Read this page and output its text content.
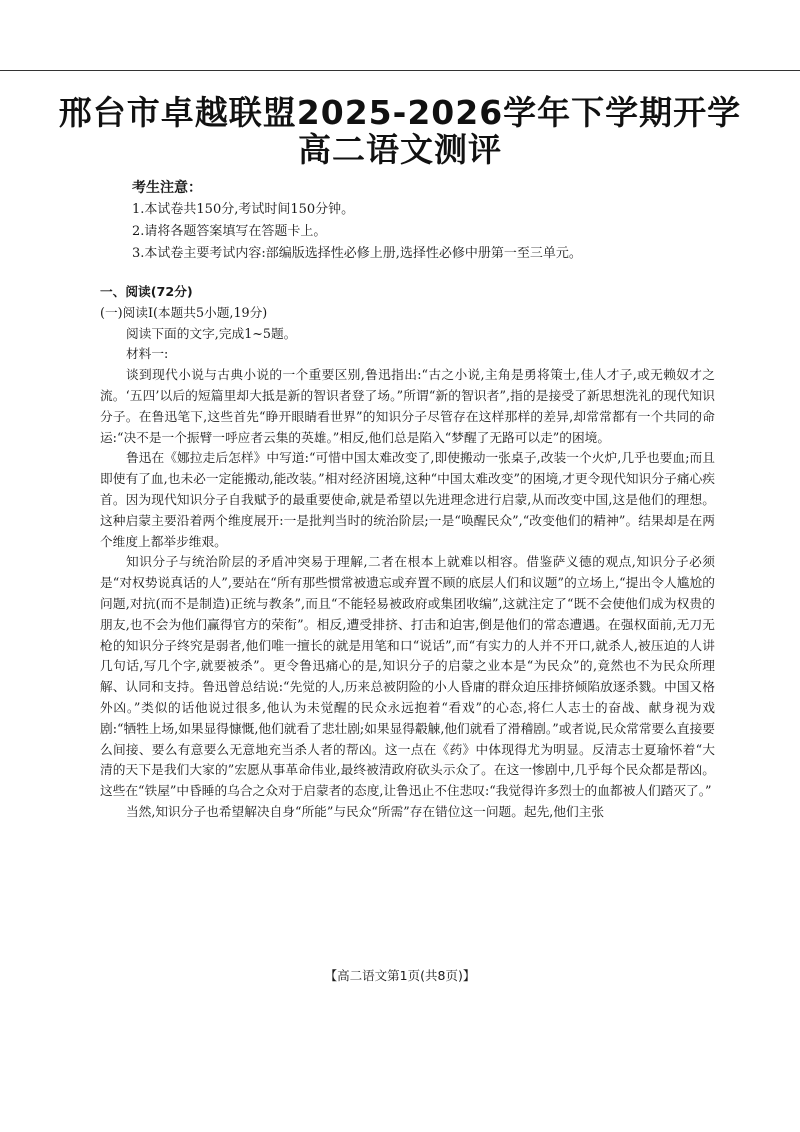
邢台市卓越联盟2025-2026学年下学期开学
高二语文测评
考生注意：
1.本试卷共150分,考试时间150分钟。
2.请将各题答案填写在答题卡上。
3.本试卷主要考试内容:部编版选择性必修上册,选择性必修中册第一至三单元。
一、阅读(72分)
(一)阅读Ⅰ(本题共5小题,19分)
阅读下面的文字,完成1~5题。
材料一:

谈到现代小说与古典小说的一个重要区别,鲁迅指出:“古之小说,主角是勇将策士,佳人才子,或无赖奴才之流。‘五四’以后的短篇里却大抵是新的智识者登了场。”所谓“新的智识者”,指的是接受了新思想洗礼的现代知识分子。在鲁迅笔下,这些首先“睁开眼睛看世界”的知识分子尽管存在这样那样的差异,却常常都有一个共同的命运:“决不是一个振臂一呼应者云集的英雄。”相反,他们总是陷入“梦醒了无路可以走”的困境。

鲁迅在《娜拉走后怎样》中写道:“可惜中国太难改变了,即使搬动一张桌子,改装一个火炉,几乎也要血;而且即使有了血,也未必一定能搬动,能改装。”相对经济困境,这种“中国太难改变”的困境,才更令现代知识分子痛心疾首。因为现代知识分子自我赋予的最重要使命,就是希望以先进理念进行启蒙,从而改变中国,这是他们的理想。这种启蒙主要沿着两个维度展开:一是批判当时的统治阶层;一是“唤醒民众”,“改变他们的精神”。结果却是在两个维度上都举步维艰。

知识分子与统治阶层的矛盾冲突易于理解,二者在根本上就难以相容。借鉴萨义德的观点,知识分子必须是“对权势说真话的人”,要站在“所有那些惯常被遗忘或弃置不顾的底层人们和议题”的立场上,“提出令人尴尬的问题,对抗(而不是制造)正统与教条”,而且“不能轻易被政府或集团收编”,这就注定了“既不会使他们成为权贵的朋友,也不会为他们赢得官方的荣衔”。相反,遭受排挤、打击和迫害,倒是他们的常态遭遇。在强权面前,无刀无枪的知识分子终究是弱者,他们唯一擅长的就是用笔和口“说话”,而“有实力的人并不开口,就杀人,被压迫的人讲几句话,写几个字,就要被杀”。更令鲁迅痛心的是,知识分子的启蒙之业本是“为民众”的,竟然也不为民众所理解、认同和支持。鲁迅曾总结说:“先觉的人,历来总被阴险的小人昏庸的群众迫压排挤倾陷放逐杀戮。中国又格外凶。”类似的话他说过很多,他认为未觉醒的民众永远抱着“看戏”的心态,将仁人志士的奋战、献身视为戏剧:“牺牲上场,如果显得慷慨,他们就看了悲壮剧;如果显得觳觫,他们就看了滑稽剧。”或者说,民众常常要么直接要么间接、要么有意要么无意地充当杀人者的帮凶。这一点在《药》中体现得尤为明显。反清志士夏瑜怀着“大清的天下是我们大家的”宏愿从事革命伟业,最终被清政府砍头示众了。在这一惨剧中,几乎每个民众都是帮凶。这些在“铁屋”中昏睡的乌合之众对于启蒙者的态度,让鲁迅止不住悲叹:“我觉得许多烈士的血都被人们踏灭了。”

当然,知识分子也希望解决自身“所能”与民众“所需”存在错位这一问题。起先,他们主张

【高二语文第1页(共8页)】
